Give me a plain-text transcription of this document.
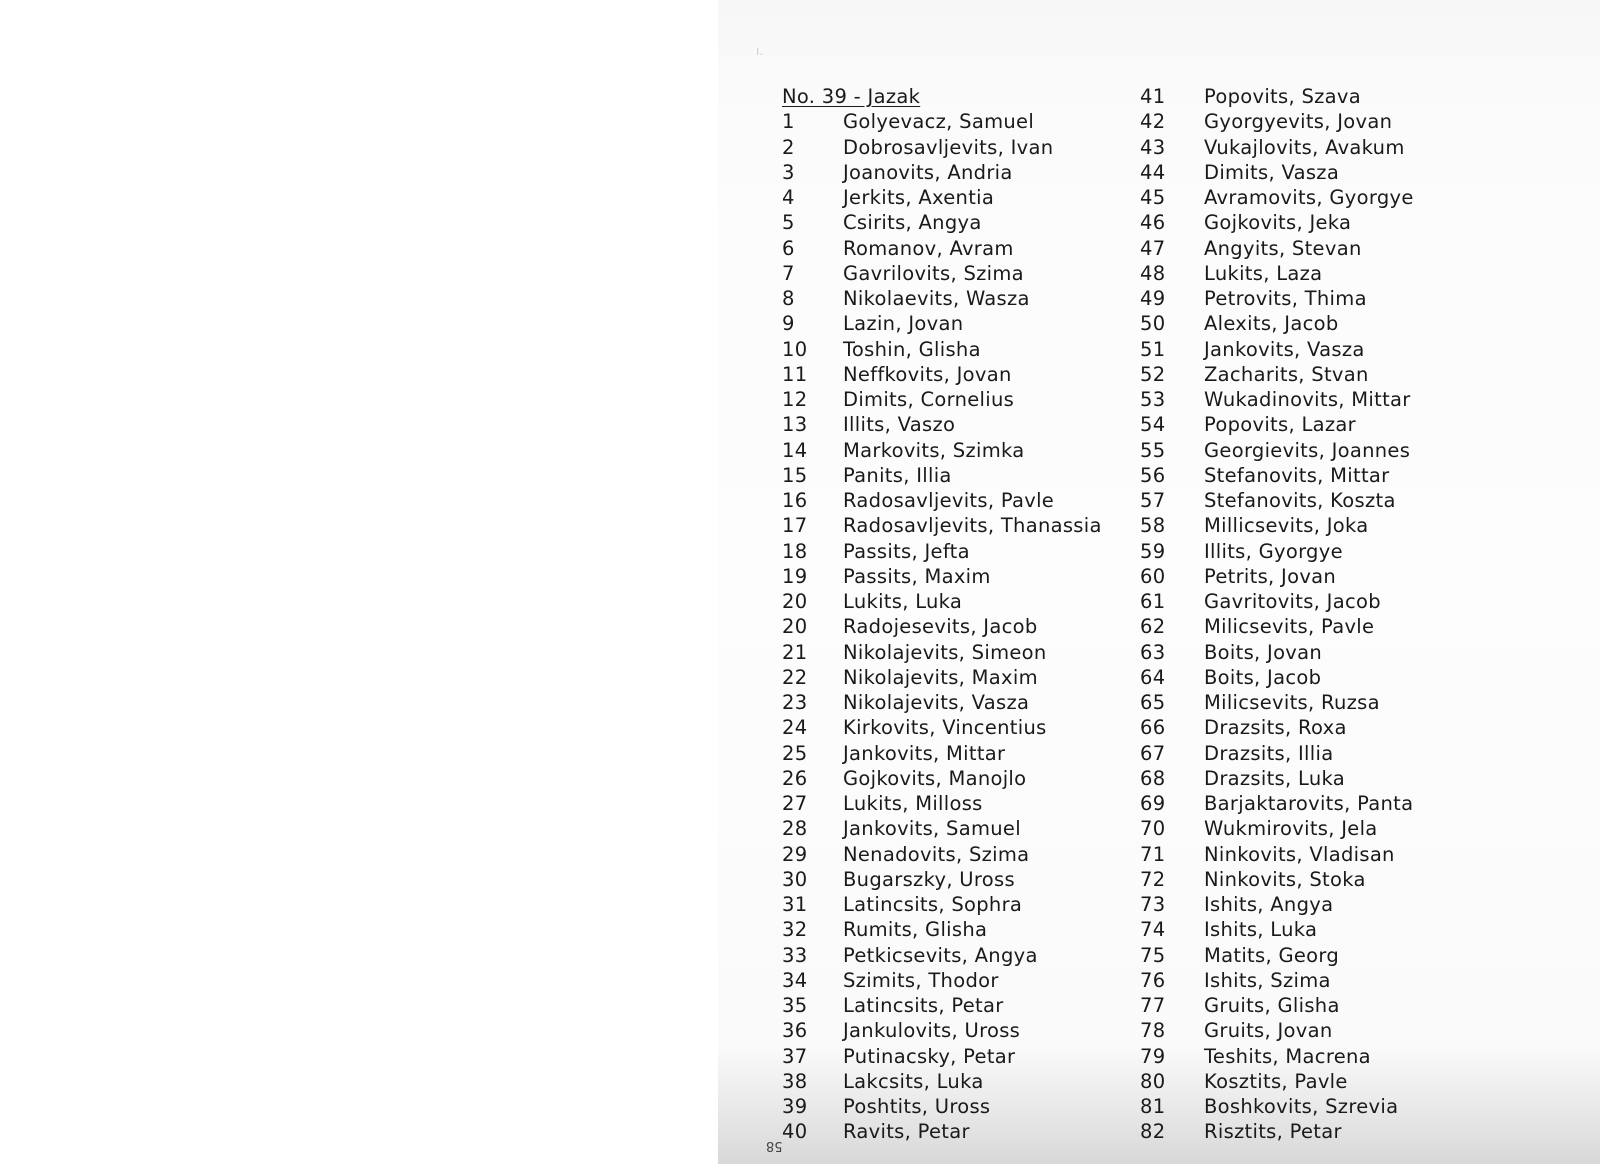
ı.
No. 39 - Jazak
1 Golyevacz, Samuel
2 Dobrosavljevits, Ivan
3 Joanovits, Andria
4 Jerkits, Axentia
5 Csirits, Angya
6 Romanov, Avram
7 Gavrilovits, Szima
8 Nikolaevits, Wasza
9 Lazin, Jovan
10 Toshin, Glisha
11 Neffkovits, Jovan
12 Dimits, Cornelius
13 Illits, Vaszo
14 Markovits, Szimka
15 Panits, Illia
16 Radosavljevits, Pavle
17 Radosavljevits, Thanassia
18 Passits, Jefta
19 Passits, Maxim
20 Lukits, Luka
20 Radojesevits, Jacob
21 Nikolajevits, Simeon
22 Nikolajevits, Maxim
23 Nikolajevits, Vasza
24 Kirkovits, Vincentius
25 Jankovits, Mittar
26 Gojkovits, Manojlo
27 Lukits, Milloss
28 Jankovits, Samuel
29 Nenadovits, Szima
30 Bugarszky, Uross
31 Latincsits, Sophra
32 Rumits, Glisha
33 Petkicsevits, Angya
34 Szimits, Thodor
35 Latincsits, Petar
36 Jankulovits, Uross
37 Putinacsky, Petar
38 Lakcsits, Luka
39 Poshtits, Uross
40 Ravits, Petar
41 Popovits, Szava
42 Gyorgyevits, Jovan
43 Vukajlovits, Avakum
44 Dimits, Vasza
45 Avramovits, Gyorgye
46 Gojkovits, Jeka
47 Angyits, Stevan
48 Lukits, Laza
49 Petrovits, Thima
50 Alexits, Jacob
51 Jankovits, Vasza
52 Zacharits, Stvan
53 Wukadinovits, Mittar
54 Popovits, Lazar
55 Georgievits, Joannes
56 Stefanovits, Mittar
57 Stefanovits, Koszta
58 Millicsevits, Joka
59 Illits, Gyorgye
60 Petrits, Jovan
61 Gavritovits, Jacob
62 Milicsevits, Pavle
63 Boits, Jovan
64 Boits, Jacob
65 Milicsevits, Ruzsa
66 Drazsits, Roxa
67 Drazsits, Illia
68 Drazsits, Luka
69 Barjaktarovits, Panta
70 Wukmirovits, Jela
71 Ninkovits, Vladisan
72 Ninkovits, Stoka
73 Ishits, Angya
74 Ishits, Luka
75 Matits, Georg
76 Ishits, Szima
77 Gruits, Glisha
78 Gruits, Jovan
79 Teshits, Macrena
80 Kosztits, Pavle
81 Boshkovits, Szrevia
82 Risztits, Petar
58
